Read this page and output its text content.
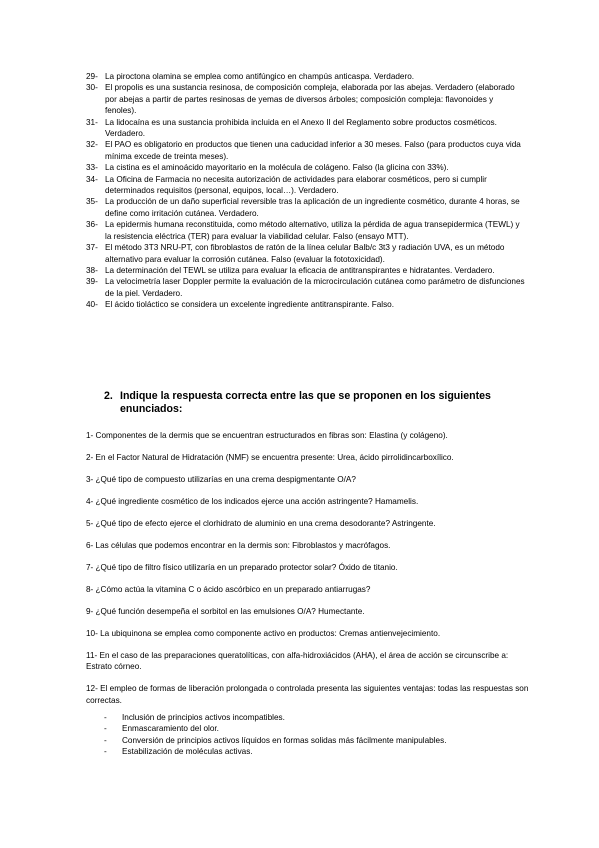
29- La piroctona olamina se emplea como antifúngico en champús anticaspa. Verdadero.
30- El propolis es una sustancia resinosa, de composición compleja, elaborada por las abejas. Verdadero (elaborado por abejas a partir de partes resinosas de yemas de diversos árboles; composición compleja: flavonoides y fenoles).
31- La lidocaína es una sustancia prohibida incluida en el Anexo II del Reglamento sobre productos cosméticos. Verdadero.
32- El PAO es obligatorio en productos que tienen una caducidad inferior a 30 meses. Falso (para productos cuya vida mínima excede de treinta meses).
33- La cistina es el aminoácido mayoritario en la molécula de colágeno. Falso (la glicina con 33%).
34- La Oficina de Farmacia no necesita autorización de actividades para elaborar cosméticos, pero si cumplir determinados requisitos (personal, equipos, local…). Verdadero.
35- La producción de un daño superficial reversible tras la aplicación de un ingrediente cosmético, durante 4 horas, se define como irritación cutánea. Verdadero.
36- La epidermis humana reconstituida, como método alternativo, utiliza la pérdida de agua transepidermica (TEWL) y la resistencia eléctrica (TER) para evaluar la viabilidad celular. Falso (ensayo MTT).
37- El método 3T3 NRU-PT, con fibroblastos de ratón de la línea celular Balb/c 3t3 y radiación UVA, es un método alternativo para evaluar la corrosión cutánea. Falso (evaluar la fototoxicidad).
38- La determinación del TEWL se utiliza para evaluar la eficacia de antitranspirantes e hidratantes. Verdadero.
39- La velocimetría laser Doppler permite la evaluación de la microcirculación cutánea como parámetro de disfunciones de la piel. Verdadero.
40- El ácido tioláctico se considera un excelente ingrediente antitranspirante. Falso.
2. Indique la respuesta correcta entre las que se proponen en los siguientes enunciados:

1- Componentes de la dermis que se encuentran estructurados en fibras son: Elastina (y colágeno).

2- En el Factor Natural de Hidratación (NMF) se encuentra presente: Urea, ácido pirrolidincarboxílico.

3- ¿Qué tipo de compuesto utilizarías en una crema despigmentante O/A?

4- ¿Qué ingrediente cosmético de los indicados ejerce una acción astringente? Hamamelis.

5- ¿Qué tipo de efecto ejerce el clorhidrato de aluminio en una crema desodorante? Astringente.

6- Las células que podemos encontrar en la dermis son: Fibroblastos y macrófagos.

7- ¿Qué tipo de filtro físico utilizaría en un preparado protector solar? Óxido de titanio.

8- ¿Cómo actúa la vitamina C o ácido ascórbico en un preparado antiarrugas?

9- ¿Qué función desempeña el sorbitol en las emulsiones O/A? Humectante.

10- La ubiquinona se emplea como componente activo en productos: Cremas antienvejecimiento.

11- En el caso de las preparaciones queratolíticas, con alfa-hidroxiácidos (AHA), el área de acción se circunscribe a: Estrato córneo.

12- El empleo de formas de liberación prolongada o controlada presenta las siguientes ventajas: todas las respuestas son correctas.

-	Inclusión de principios activos incompatibles.
-	Enmascaramiento del olor.
-	Conversión de principios activos líquidos en formas solidas más fácilmente manipulables.
-	Estabilización de moléculas activas.
